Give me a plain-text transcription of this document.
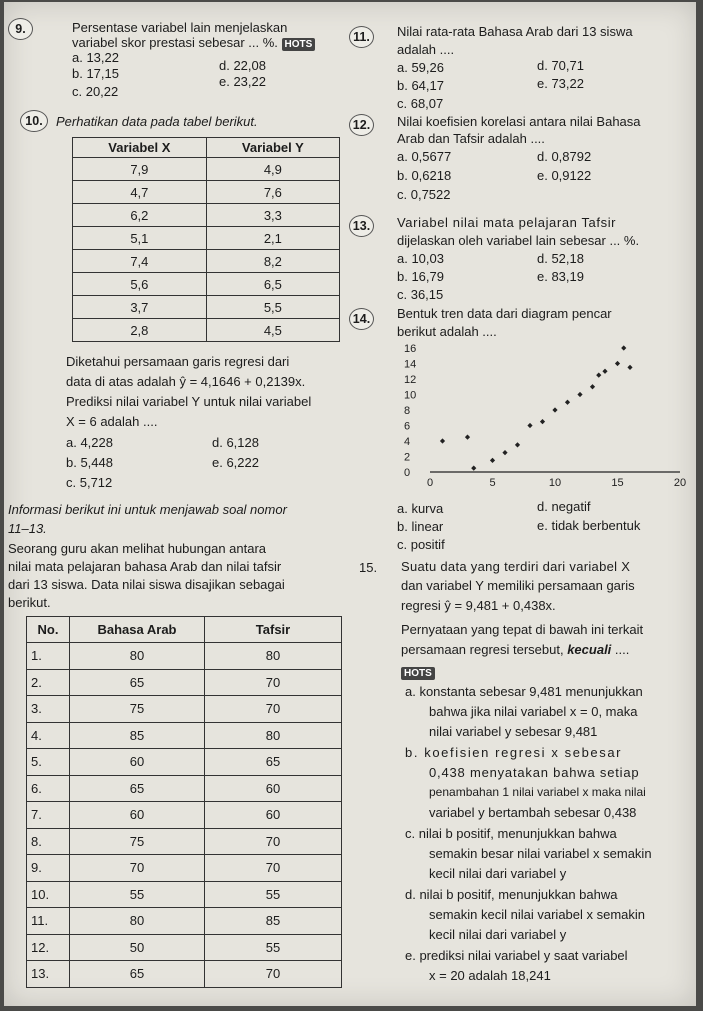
9.	Persentase variabel lain menjelaskan
variabel skor prestasi sebesar ... %. HOTS
a. 13,22
d. 22,08
b. 17,15
e. 23,22
c. 20,22
10.	Perhatikan data pada tabel berikut.
Variabel X	Variabel Y
7,9	4,9
4,7	7,6
6,2	3,3
5,1	2,1
7,4	8,2
5,6	6,5
3,7	5,5
2,8	4,5
Diketahui persamaan garis regresi dari
data di atas adalah ŷ = 4,1646 + 0,2139x.
Prediksi nilai variabel Y untuk nilai variabel
X = 6 adalah ....
a. 4,228	d. 6,128
b. 5,448	e. 6,222
c. 5,712
Informasi berikut ini untuk menjawab soal nomor
11–13.
Seorang guru akan melihat hubungan antara
nilai mata pelajaran bahasa Arab dan nilai tafsir
dari 13 siswa. Data nilai siswa disajikan sebagai
berikut.
No.	Bahasa Arab	Tafsir
1.	80	80
2.	65	70
3.	75	70
4.	85	80
5.	60	65
6.	65	60
7.	60	60
8.	75	70
9.	70	70
10.	55	55
11.	80	85
12.	50	55
13.	65	70
11.	Nilai rata-rata Bahasa Arab dari 13 siswa
adalah ....
a. 59,26	d. 70,71
b. 64,17	e. 73,22
c. 68,07
12. Nilai koefisien korelasi antara nilai Bahasa
Arab dan Tafsir adalah ....
a. 0,5677	d. 0,8792
b. 0,6218	e. 0,9122
c. 0,7522
13. Variabel nilai mata pelajaran Tafsir
dijelaskan oleh variabel lain sebesar ... %.
a. 10,03	d. 52,18
b. 16,79	e. 83,19
c. 36,15
14. Bentuk tren data dari diagram pencar
berikut adalah ....
0	5	10	15	20
0
2
4
6
8
10
12
14
16
a. kurva	d. negatif
b. linear	e. tidak berbentuk
c. positif
15. Suatu data yang terdiri dari variabel X
dan variabel Y memiliki persamaan garis
regresi ŷ = 9,481 + 0,438x.
Pernyataan yang tepat di bawah ini terkait
persamaan regresi tersebut, kecuali ....
HOTS
a. konstanta sebesar 9,481 menunjukkan
bahwa jika nilai variabel x = 0, maka
nilai variabel y sebesar 9,481
b. koefisien regresi x sebesar
0,438 menyatakan bahwa setiap
penambahan 1 nilai variabel x maka nilai
variabel y bertambah sebesar 0,438
c. nilai b positif, menunjukkan bahwa
semakin besar nilai variabel x semakin
kecil nilai dari variabel y
d. nilai b positif, menunjukkan bahwa
semakin kecil nilai variabel x semakin
kecil nilai dari variabel y
e. prediksi nilai variabel y saat variabel
x = 20 adalah 18,241
